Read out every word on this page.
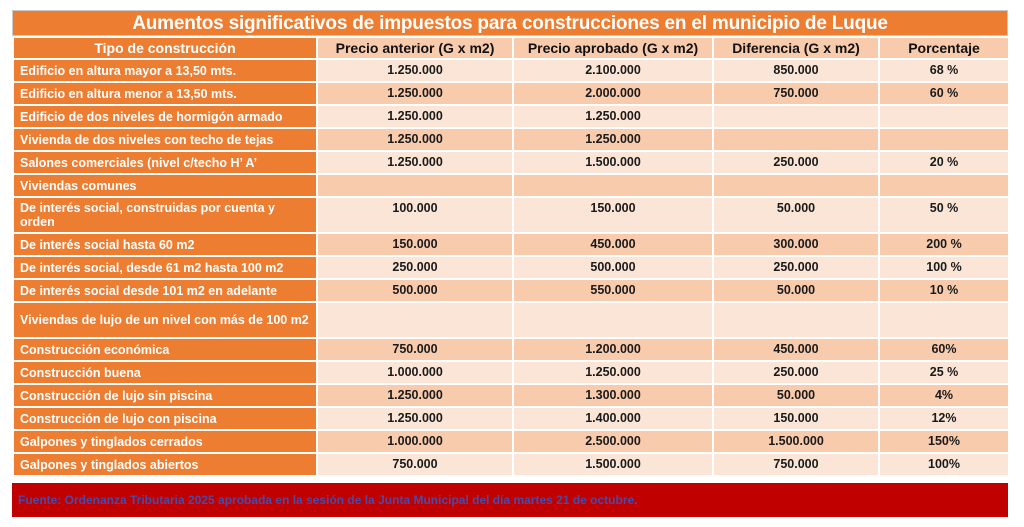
Aumentos significativos de impuestos para construcciones en el municipio de Luque
Tipo de construcción	Precio anterior (G x m2)	Precio aprobado (G x m2)	Diferencia (G x m2)	Porcentaje
Edificio en altura mayor a 13,50 mts.	1.250.000	2.100.000	850.000	68 %
Edificio en altura menor a 13,50 mts.	1.250.000	2.000.000	750.000	60 %
Edificio de dos niveles de hormigón armado	1.250.000	1.250.000		
Vivienda de dos niveles con techo de tejas	1.250.000	1.250.000		
Salones comerciales (nivel c/techo H’ A’	1.250.000	1.500.000	250.000	20 %
Viviendas comunes				
De interés social, construidas por cuenta y orden	100.000	150.000	50.000	50 %
De interés social hasta 60 m2	150.000	450.000	300.000	200 %
De interés social, desde 61 m2 hasta 100 m2	250.000	500.000	250.000	100 %
De interés social desde 101 m2 en adelante	500.000	550.000	50.000	10 %
Viviendas de lujo de un nivel con más de 100 m2				
Construcción económica	750.000	1.200.000	450.000	60%
Construcción buena	1.000.000	1.250.000	250.000	25 %
Construcción de lujo sin piscina	1.250.000	1.300.000	50.000	4%
Construcción de lujo con piscina	1.250.000	1.400.000	150.000	12%
Galpones y tinglados cerrados	1.000.000	2.500.000	1.500.000	150%
Galpones y tinglados abiertos	750.000	1.500.000	750.000	100%
Fuente: Ordenanza Tributaria 2025 aprobada en la sesión de la Junta Municipal del día martes 21 de octubre.
